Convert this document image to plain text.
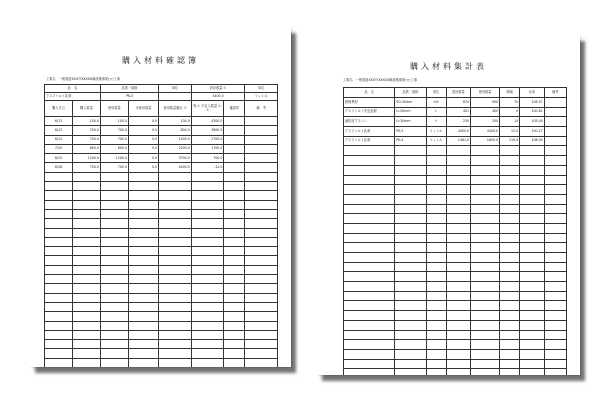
購入材料確認簿
工事名　一般国道XXX号XXXXX線改築事業○○工事
品　名		品質・規格		単位	設計数量 ①		単位
アスファルト乳剤		PK-3			4400.0		リットル
購入月日	購入数量	使用数量	未使用数量	使用数量累計 ②	残 ① 不足入数量 ①-②	確認印	備　考
6/13	100.0	100.0	0.0	100.0	4300.0		
6/13	700.0	700.0	0.0	800.0	3600.0		
6/14	700.0	700.0	0.0	1400.0	2700.0		
7/25	800.0	800.0	0.0	2200.0	1700.0		
8/15	1200.0	1200.0	0.0	3700.0	700.0		
8/28	700.0	700.0	0.0	4400.0	-12.0		

購入材料集計表
工事名　一般国道XXX号XXXXX線改築事業○○工事
品　名	品質・規格	単位	設計数量	使用数量	増減	比率	備考
鉄筋異形	SD-30mm	m3	870	900	70	108.57	
アスファルト安定処理	t=50mm	t	401	400	0	100.62	
細粒度アスコン	t=30mm	t	230	200	14	105.00	
アスファルト乳剤	PK-3	リットル	4400.0	4400.0	12.0	100.27	
アスファルト乳剤	PK-4	リットル	1481.0	1600.0	119.0	108.04	
